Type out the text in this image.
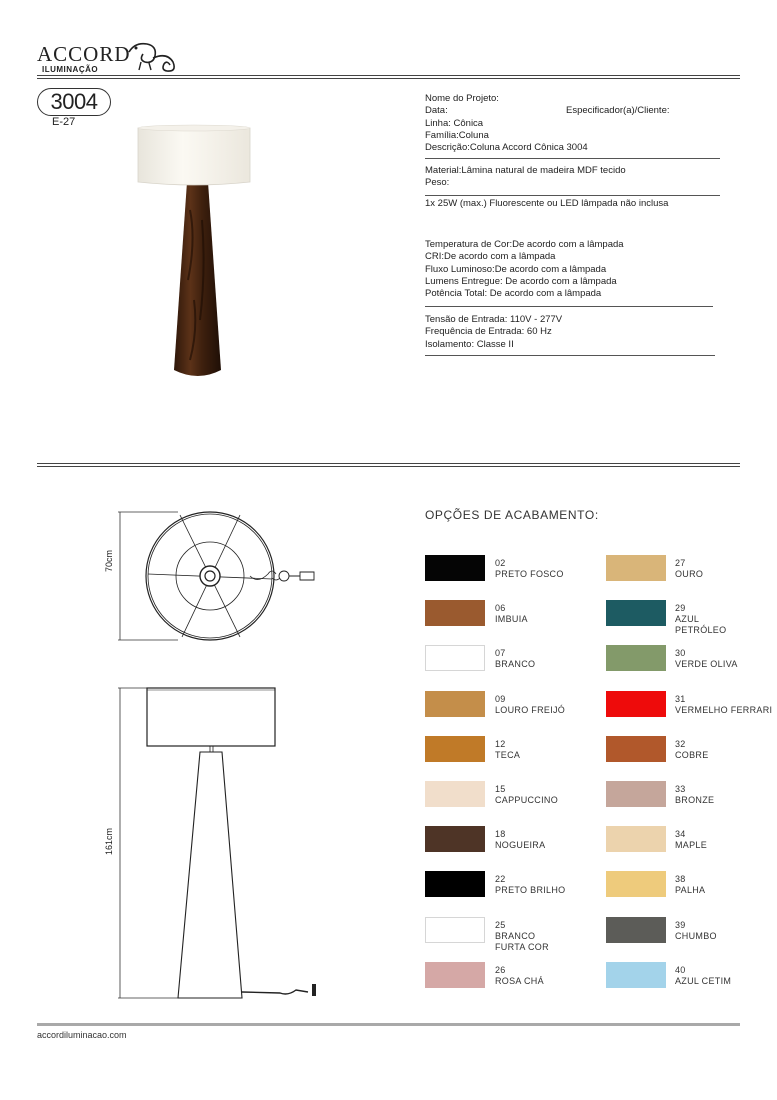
ACCORD
ILUMINAÇÃO
3004
E-27
Nome do Projeto:
Data:
Linha: Cônica
Família:Coluna
Descrição:Coluna Accord Cônica 3004
Especificador(a)/Cliente:
Material:Lâmina natural de madeira MDF tecido
Peso:
1x 25W (max.) Fluorescente ou LED lâmpada não inclusa
Temperatura de Cor:De acordo com a lâmpada
CRI:De acordo com a lâmpada
Fluxo Luminoso:De acordo com a lâmpada
Lumens Entregue: De acordo com a lâmpada
Potência Total: De acordo com a lâmpada
Tensão de Entrada: 110V - 277V
Frequência de Entrada: 60 Hz
Isolamento: Classe II
70cm
161cm
OPÇÕES DE ACABAMENTO:
02
PRETO FOSCO
06
IMBUIA
07
BRANCO
09
LOURO FREIJÓ
12
TECA
15
CAPPUCCINO
18
NOGUEIRA
22
PRETO BRILHO
25
BRANCO
FURTA COR
26
ROSA CHÁ
27
OURO
29
AZUL
PETRÓLEO
30
VERDE OLIVA
31
VERMELHO FERRARI
32
COBRE
33
BRONZE
34
MAPLE
38
PALHA
39
CHUMBO
40
AZUL CETIM
accordiluminacao.com
